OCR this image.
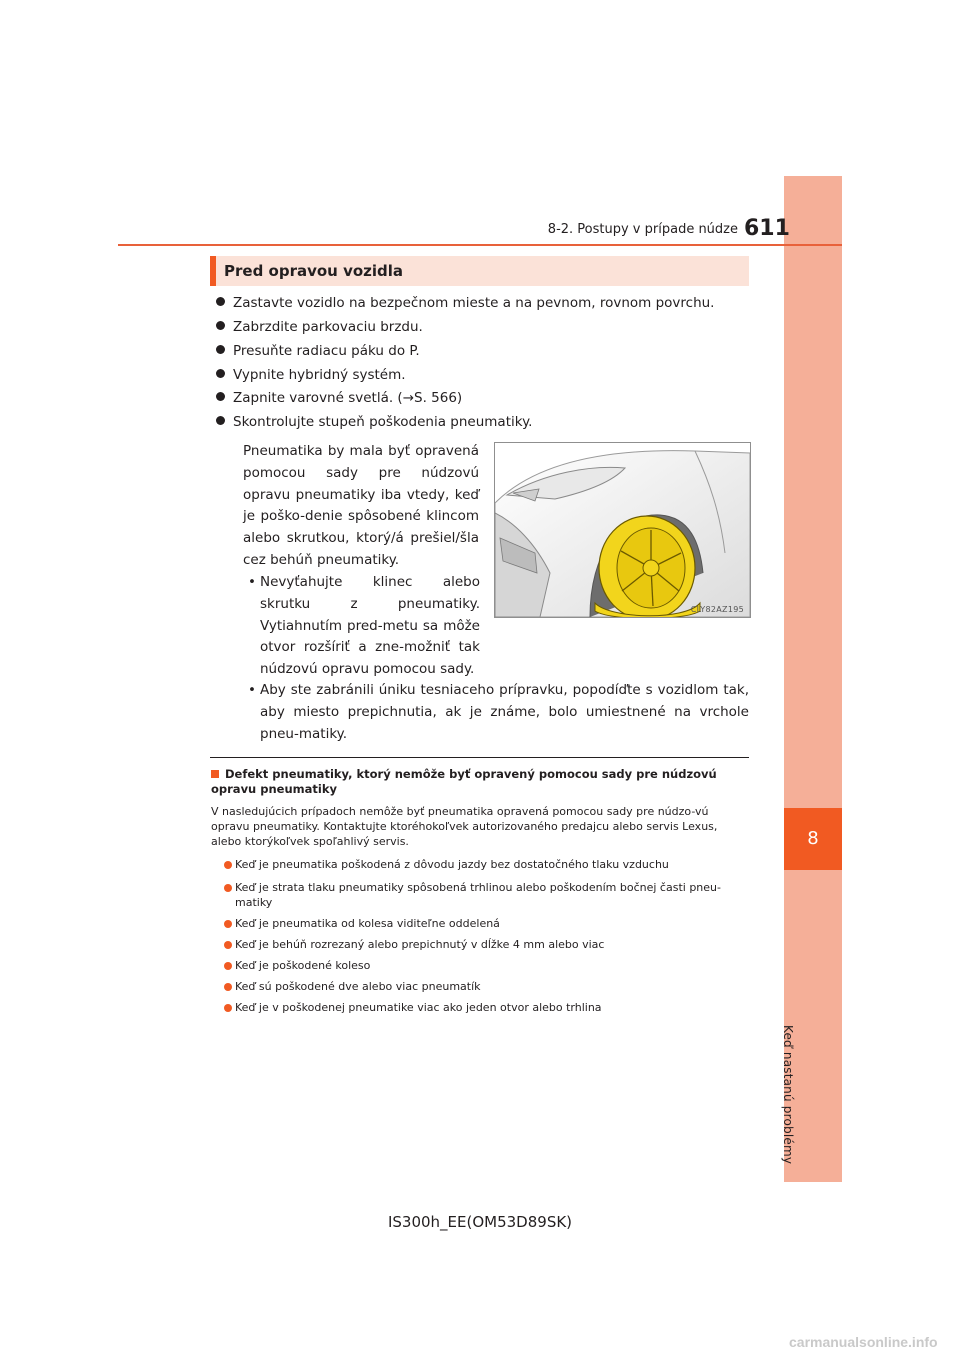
8
Keď nastanú problémy
8-2. Postupy v prípade núdze 611
Pred opravou vozidla
Zastavte vozidlo na bezpečnom mieste a na pevnom, rovnom povrchu.
Zabrzdite parkovaciu brzdu.
Presuňte radiacu páku do P.
Vypnite hybridný systém.
Zapnite varovné svetlá. (→S. 566)
Skontrolujte stupeň poškodenia pneumatiky.
Pneumatika by mala byť opravená pomocou sady pre núdzovú opravu pneumatiky iba vtedy, keď je poško-denie spôsobené klincom alebo skrutkou, ktorý/á prešiel/šla cez behúň pneumatiky.
• Nevyťahujte klinec alebo skrutku z pneumatiky. Vytiahnutím pred-metu sa môže otvor rozšíriť a zne-možniť tak núdzovú opravu pomocou sady.
• Aby ste zabránili úniku tesniaceho prípravku, popodíďte s vozidlom tak, aby miesto prepichnutia, ak je známe, bolo umiestnené na vrchole pneu-matiky.
CLY82AZ195
Defekt pneumatiky, ktorý nemôže byť opravený pomocou sady pre núdzovú opravu pneumatiky
V nasledujúcich prípadoch nemôže byť pneumatika opravená pomocou sady pre núdzo-vú opravu pneumatiky. Kontaktujte ktoréhokoľvek autorizovaného predajcu alebo servis Lexus, alebo ktorýkoľvek spoľahlivý servis.
Keď je pneumatika poškodená z dôvodu jazdy bez dostatočného tlaku vzduchu
Keď je strata tlaku pneumatiky spôsobená trhlinou alebo poškodením bočnej časti pneu-matiky
Keď je pneumatika od kolesa viditeľne oddelená
Keď je behúň rozrezaný alebo prepichnutý v dĺžke 4 mm alebo viac
Keď je poškodené koleso
Keď sú poškodené dve alebo viac pneumatík
Keď je v poškodenej pneumatike viac ako jeden otvor alebo trhlina
IS300h_EE(OM53D89SK)
carmanualsonline.info
